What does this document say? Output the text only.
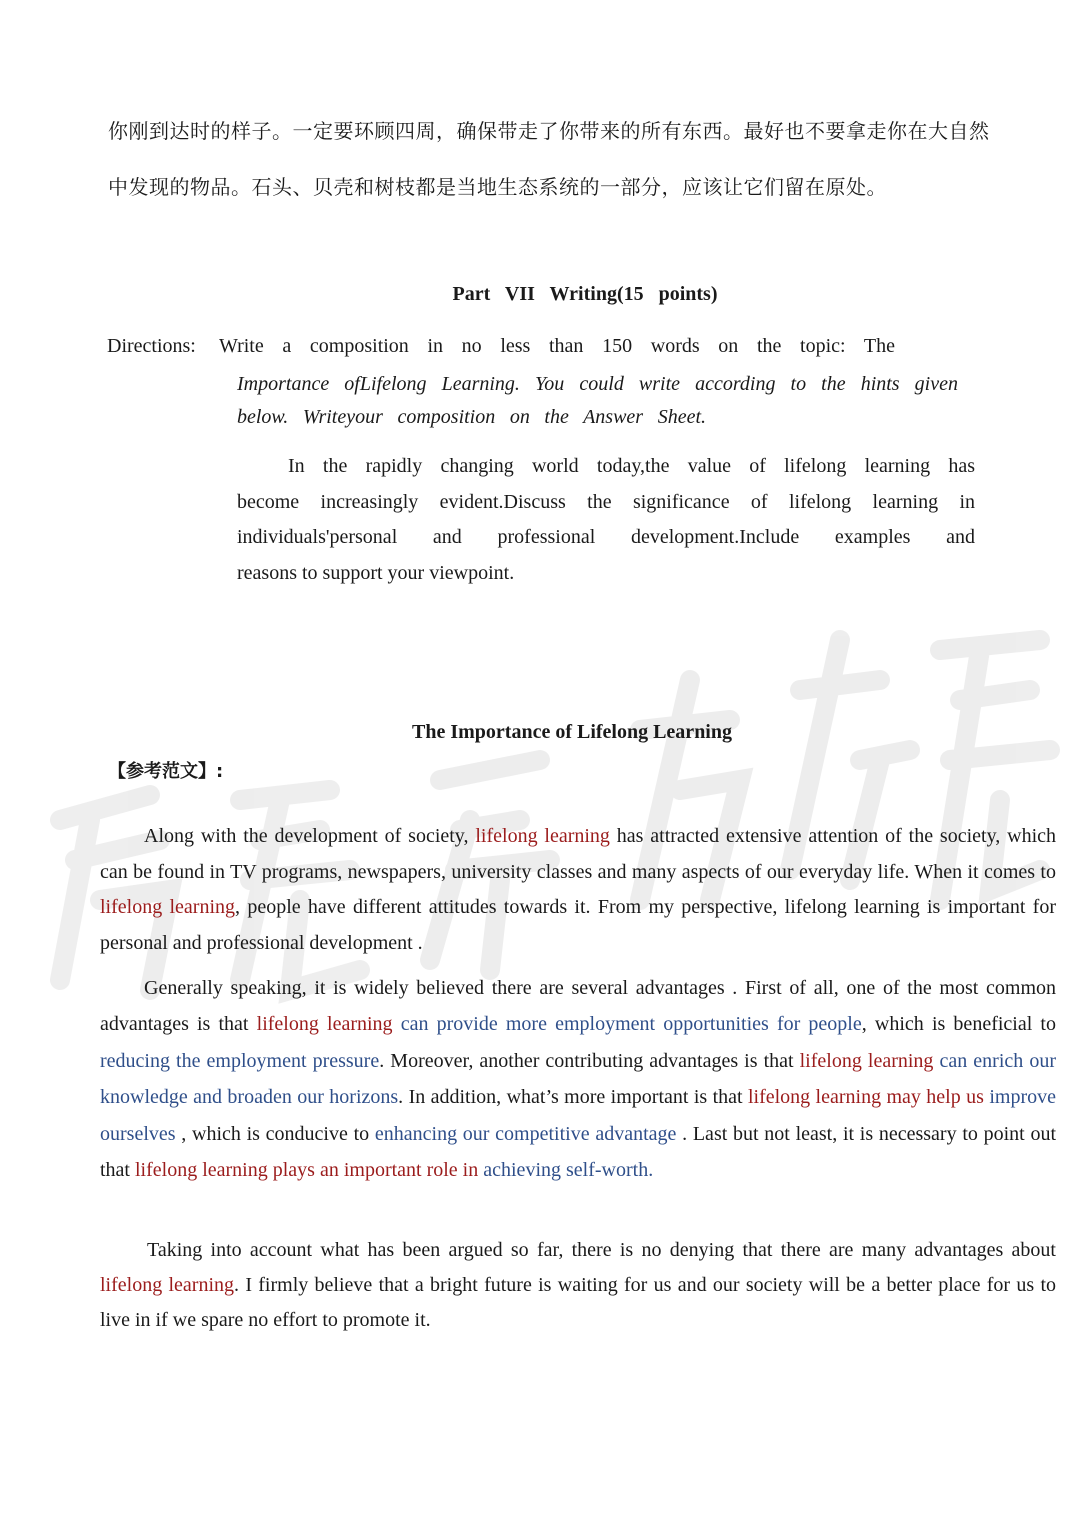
你刚到达时的样子。一定要环顾四周，确保带走了你带来的所有东西。最好也不要拿走你在大自然
中发现的物品。石头、贝壳和树枝都是当地生态系统的一部分，应该让它们留在原处。
Part   VII   Writing(15   points)
Directions:	Write a composition in no less than 150 words on the topic: The
Importance ofLifelong Learning. You could write according to the hints given
below. Writeyour composition on the Answer Sheet.
In the rapidly changing world today,the value of lifelong learning has
become increasingly evident.Discuss the significance of lifelong learning in
individuals'personal and professional development.Include examples and
reasons to support your viewpoint.
The Importance of Lifelong Learning
【参考范文】:
Along with the development of society, lifelong learning has attracted extensive attention of the society, which can be found in TV programs, newspapers, university classes and many aspects of our everyday life. When it comes to lifelong learning, people have different attitudes towards it. From my perspective, lifelong learning is important for personal and professional development .
Generally speaking, it is widely believed there are several advantages . First of all, one of the most common advantages is that lifelong learning can provide more employment opportunities for people, which is beneficial to reducing the employment pressure. Moreover, another contributing advantages is that lifelong learning can enrich our knowledge and broaden our horizons. In addition, what’s more important is that lifelong learning may help us improve ourselves , which is conducive to enhancing our competitive advantage . Last but not least, it is necessary to point out that lifelong learning plays an important role in achieving self-worth.
Taking into account what has been argued so far, there is no denying that there are many advantages about lifelong learning. I firmly believe that a bright future is waiting for us and our society will be a better place for us to live in if we spare no effort to promote it.
